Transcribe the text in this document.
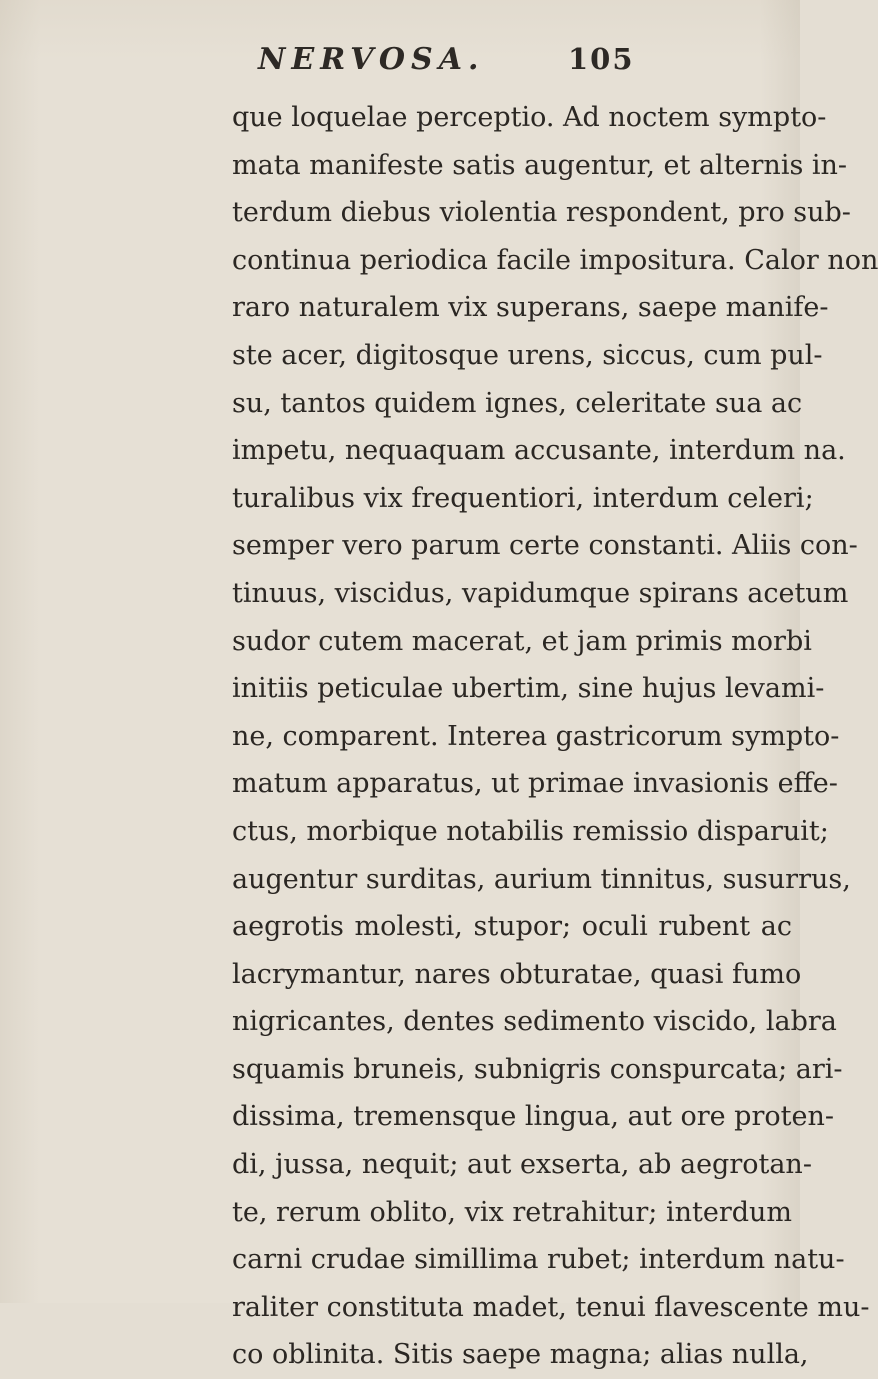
NERVOSA.	105
que loquelae perceptio. Ad noctem sympto-
mata manifeste satis augentur, et alternis in-
terdum diebus violentia respondent, pro sub-
continua periodica facile impositura. Calor non
raro naturalem vix superans, saepe manife-
ste acer, digitosque urens, siccus, cum pul-
su, tantos quidem ignes, celeritate sua ac
impetu, nequaquam accusante, interdum na.
turalibus vix frequentiori, interdum celeri;
semper vero parum certe constanti. Aliis con-
tinuus, viscidus, vapidumque spirans acetum
sudor cutem macerat, et jam primis morbi
initiis peticulae ubertim, sine hujus levami-
ne, comparent. Interea gastricorum sympto-
matum apparatus, ut primae invasionis effe-
ctus, morbique notabilis remissio disparuit;
augentur surditas, aurium tinnitus, susurrus,
aegrotis molesti, stupor; oculi rubent ac
lacrymantur, nares obturatae, quasi fumo
nigricantes, dentes sedimento viscido, labra
squamis bruneis, subnigris conspurcata; ari-
dissima, tremensque lingua, aut ore proten-
di, jussa, nequit; aut exserta, ab aegrotan-
te, rerum oblito, vix retrahitur; interdum
carni crudae simillima rubet; interdum natu-
raliter constituta madet, tenui flavescente mu-
co oblinita. Sitis saepe magna; alias nulla,
